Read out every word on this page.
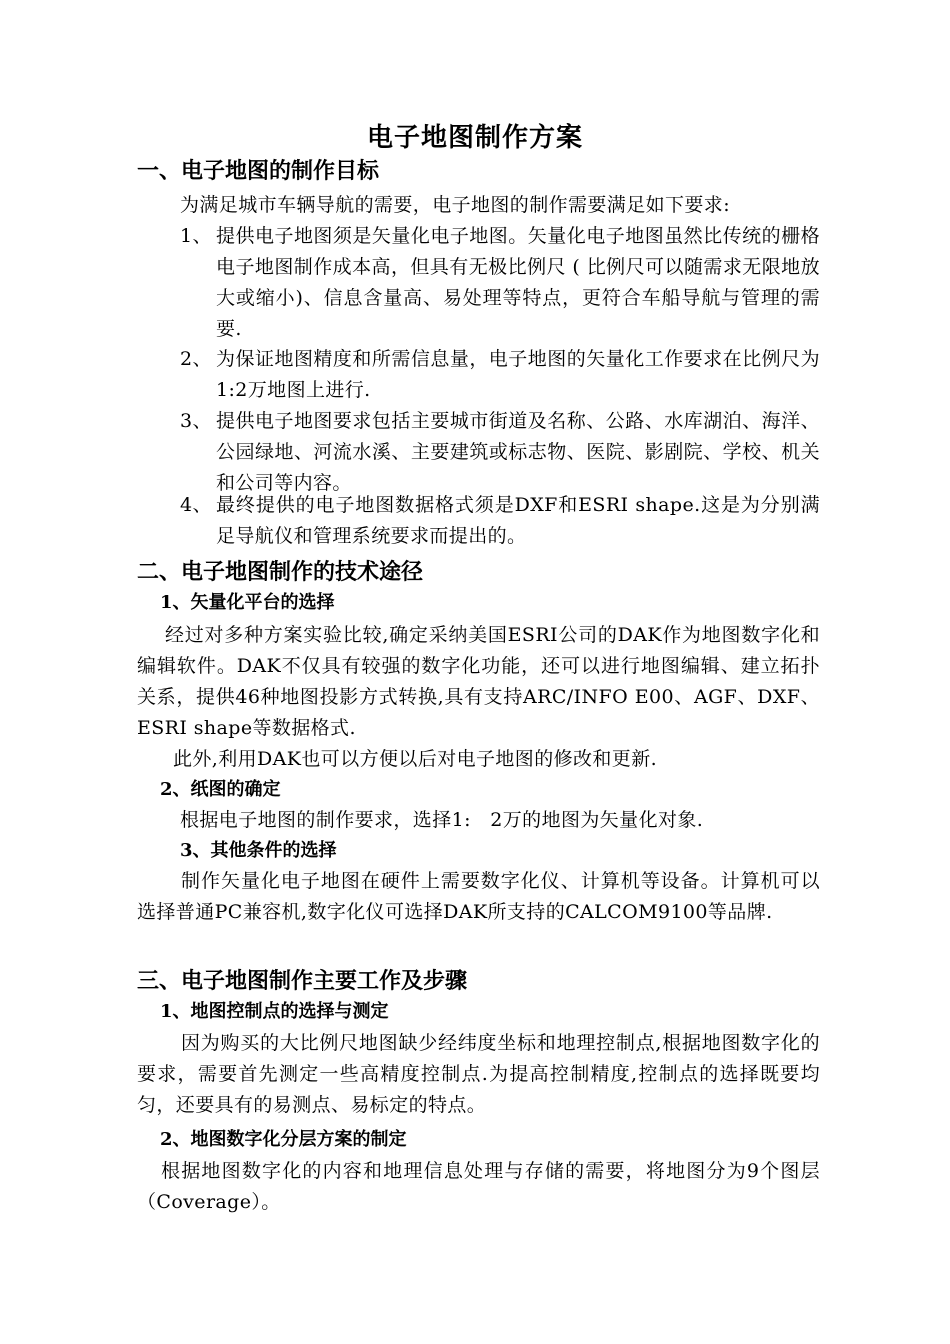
电子地图制作方案
一、电子地图的制作目标
为满足城市车辆导航的需要，电子地图的制作需要满足如下要求:
1、 提供电子地图须是矢量化电子地图。矢量化电子地图虽然比传统的栅格电子地图制作成本高，但具有无极比例尺 ( 比例尺可以随需求无限地放大或缩小)、信息含量高、易处理等特点，更符合车船导航与管理的需要.
2、 为保证地图精度和所需信息量，电子地图的矢量化工作要求在比例尺为1:2万地图上进行.
3、 提供电子地图要求包括主要城市街道及名称、公路、水库湖泊、海洋、公园绿地、河流水溪、主要建筑或标志物、医院、影剧院、学校、机关和公司等内容。
4、 最终提供的电子地图数据格式须是DXF和ESRI shape.这是为分别满足导航仪和管理系统要求而提出的。
二、电子地图制作的技术途径
1、矢量化平台的选择
经过对多种方案实验比较,确定采纳美国ESRI公司的DAK作为地图数字化和编辑软件。DAK不仅具有较强的数字化功能，还可以进行地图编辑、建立拓扑关系，提供46种地图投影方式转换,具有支持ARC/INFO E00、AGF、DXF、ESRI shape等数据格式.
此外,利用DAK也可以方便以后对电子地图的修改和更新.
2、纸图的确定
根据电子地图的制作要求，选择1:　2万的地图为矢量化对象.
3、其他条件的选择
制作矢量化电子地图在硬件上需要数字化仪、计算机等设备。计算机可以选择普通PC兼容机,数字化仪可选择DAK所支持的CALCOM9100等品牌.
三、电子地图制作主要工作及步骤
1、地图控制点的选择与测定
因为购买的大比例尺地图缺少经纬度坐标和地理控制点,根据地图数字化的要求，需要首先测定一些高精度控制点.为提高控制精度,控制点的选择既要均匀，还要具有的易测点、易标定的特点。
2、地图数字化分层方案的制定
根据地图数字化的内容和地理信息处理与存储的需要，将地图分为9个图层（Coverage）。
